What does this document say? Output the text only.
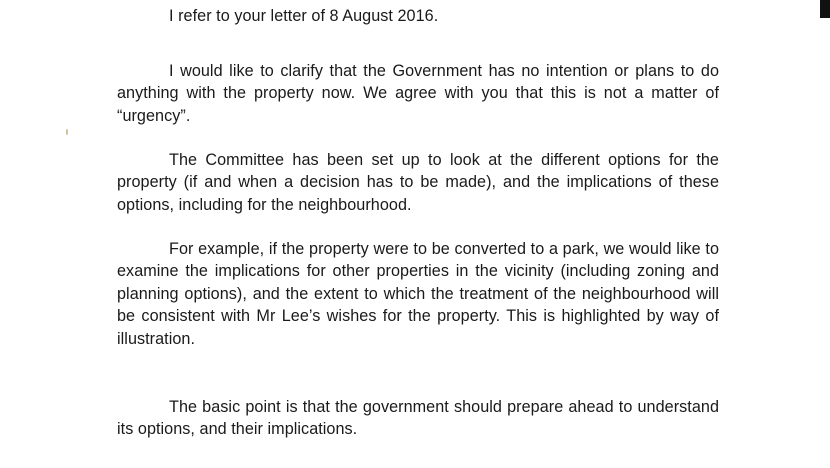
I refer to your letter of 8 August 2016.

I would like to clarify that the Government has no intention or plans to do anything with the property now. We agree with you that this is not a matter of “urgency”.

The Committee has been set up to look at the different options for the property (if and when a decision has to be made), and the implications of these options, including for the neighbourhood.

For example, if the property were to be converted to a park, we would like to examine the implications for other properties in the vicinity (including zoning and planning options), and the extent to which the treatment of the neighbourhood will be consistent with Mr Lee’s wishes for the property. This is highlighted by way of illustration.

The basic point is that the government should prepare ahead to understand its options, and their implications.
